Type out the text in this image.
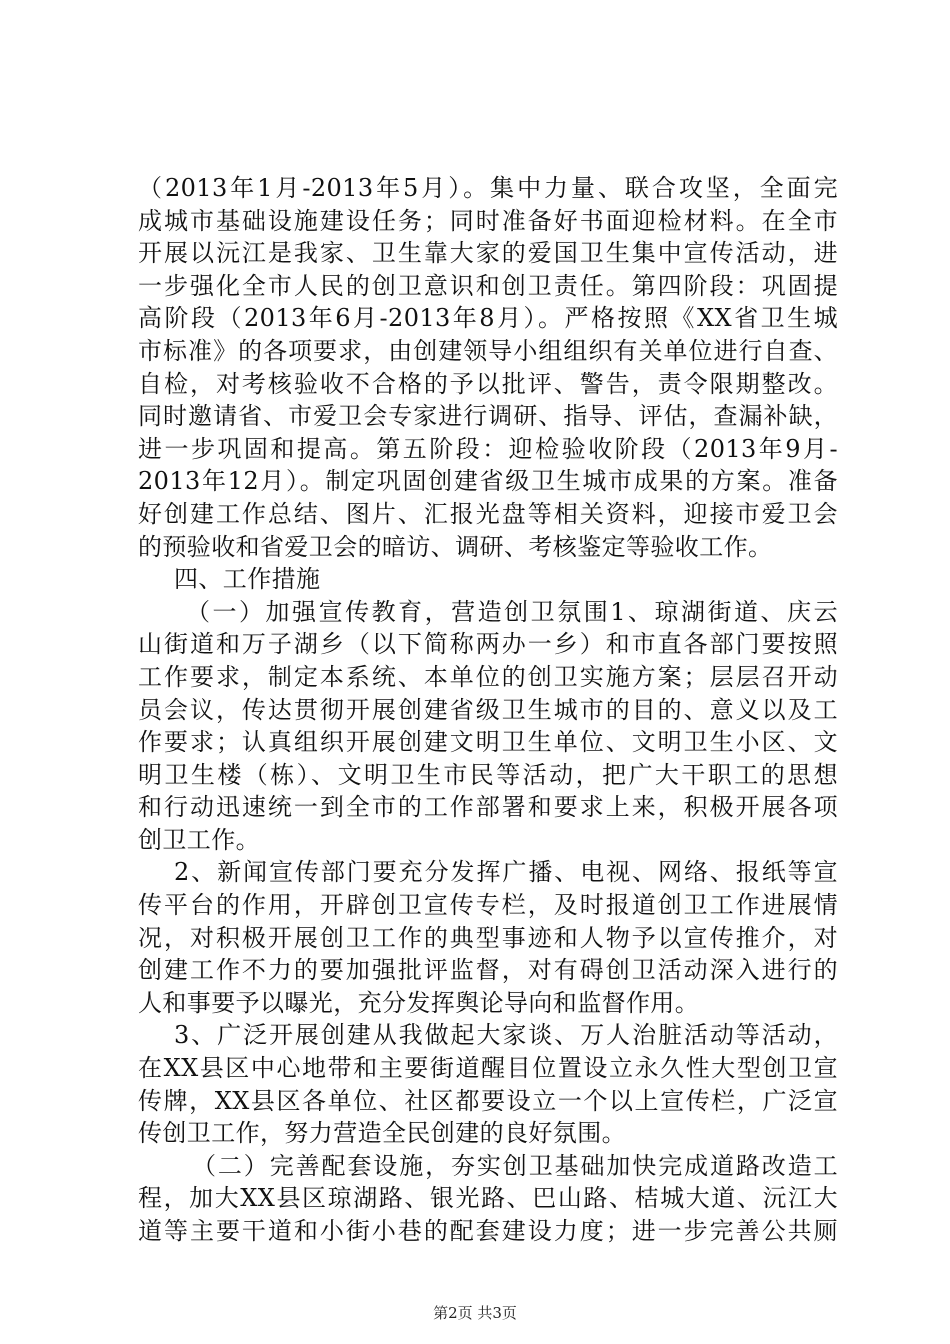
（2013年1月-2013年5月）。集中力量、联合攻坚，全面完
成城市基础设施建设任务；同时准备好书面迎检材料。在全市
开展以沅江是我家、卫生靠大家的爱国卫生集中宣传活动，进
一步强化全市人民的创卫意识和创卫责任。第四阶段：巩固提
高阶段（2013年6月-2013年8月）。严格按照《XX省卫生城
市标准》的各项要求，由创建领导小组组织有关单位进行自查、
自检，对考核验收不合格的予以批评、警告，责令限期整改。
同时邀请省、市爱卫会专家进行调研、指导、评估，查漏补缺，
进一步巩固和提高。第五阶段：迎检验收阶段（2013年9月-
2013年12月）。制定巩固创建省级卫生城市成果的方案。准备
好创建工作总结、图片、汇报光盘等相关资料，迎接市爱卫会
的预验收和省爱卫会的暗访、调研、考核鉴定等验收工作。
四、工作措施
（一）加强宣传教育，营造创卫氛围1、琼湖街道、庆云
山街道和万子湖乡（以下简称两办一乡）和市直各部门要按照
工作要求，制定本系统、本单位的创卫实施方案；层层召开动
员会议，传达贯彻开展创建省级卫生城市的目的、意义以及工
作要求；认真组织开展创建文明卫生单位、文明卫生小区、文
明卫生楼（栋）、文明卫生市民等活动，把广大干职工的思想
和行动迅速统一到全市的工作部署和要求上来，积极开展各项
创卫工作。
2、新闻宣传部门要充分发挥广播、电视、网络、报纸等宣
传平台的作用，开辟创卫宣传专栏，及时报道创卫工作进展情
况，对积极开展创卫工作的典型事迹和人物予以宣传推介，对
创建工作不力的要加强批评监督，对有碍创卫活动深入进行的
人和事要予以曝光，充分发挥舆论导向和监督作用。
3、广泛开展创建从我做起大家谈、万人治脏活动等活动，
在XX县区中心地带和主要街道醒目位置设立永久性大型创卫宣
传牌，XX县区各单位、社区都要设立一个以上宣传栏，广泛宣
传创卫工作，努力营造全民创建的良好氛围。
（二）完善配套设施，夯实创卫基础加快完成道路改造工
程，加大XX县区琼湖路、银光路、巴山路、桔城大道、沅江大
道等主要干道和小街小巷的配套建设力度；进一步完善公共厕
第2页 共3页
